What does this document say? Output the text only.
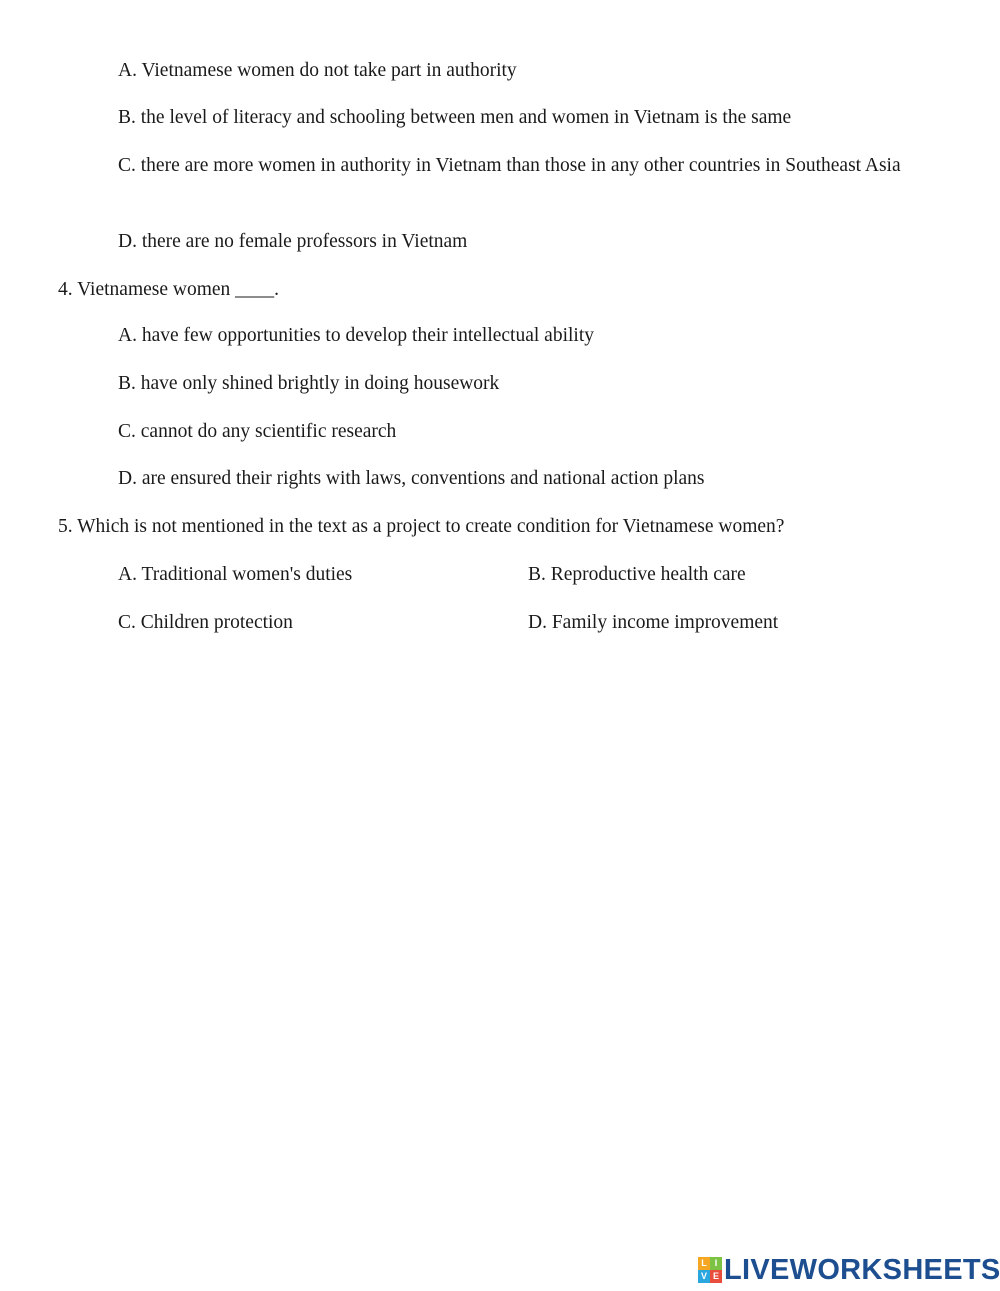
A. Vietnamese women do not take part in authority
B. the level of literacy and schooling between men and women in Vietnam is the same
C. there are more women in authority in Vietnam than those in any other countries in Southeast Asia
D. there are no female professors in Vietnam
4. Vietnamese women ____.
A. have few opportunities to develop their intellectual ability
B. have only shined brightly in doing housework
C. cannot do any scientific research
D. are ensured their rights with laws, conventions and national action plans
5. Which is not mentioned in the text as a project to create condition for Vietnamese women?
A. Traditional women's duties	B. Reproductive health care
C. Children protection	D. Family income improvement
L I
V E LIVEWORKSHEETS
